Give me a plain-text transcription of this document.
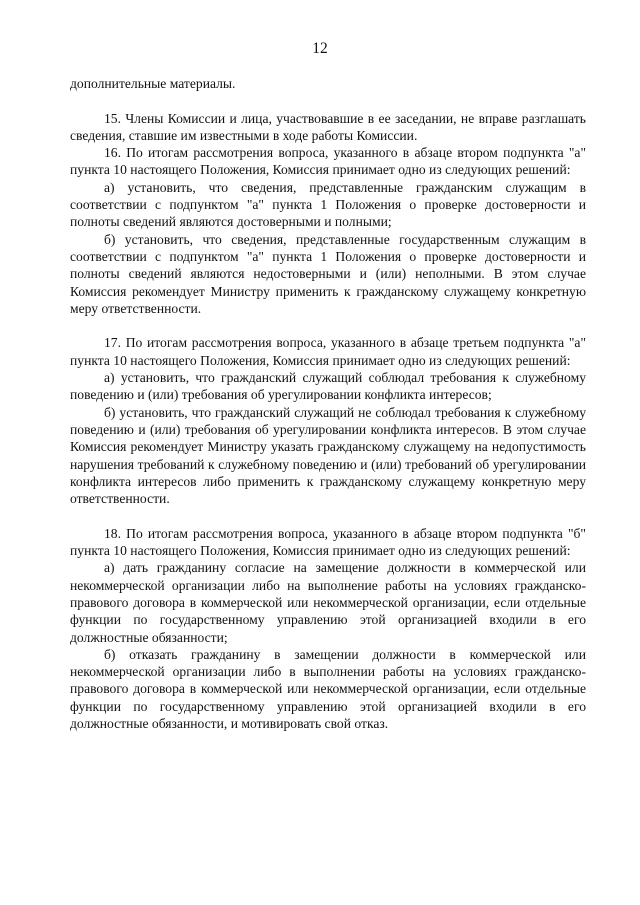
12

дополнительные материалы.

15. Члены Комиссии и лица, участвовавшие в ее заседании, не вправе разглашать сведения, ставшие им известными в ходе работы Комиссии.

16. По итогам рассмотрения вопроса, указанного в абзаце втором подпункта "а" пункта 10 настоящего Положения, Комиссия принимает одно из следующих решений:

а) установить, что сведения, представленные гражданским служащим в соответствии с подпунктом "а" пункта 1 Положения о проверке достоверности и полноты сведений являются достоверными и полными;

б) установить, что сведения, представленные государственным служащим в соответствии с подпунктом "а" пункта 1 Положения о проверке достоверности и полноты сведений являются недостоверными и (или) неполными. В этом случае Комиссия рекомендует Министру применить к гражданскому служащему конкретную меру ответственности.

17. По итогам рассмотрения вопроса, указанного в абзаце третьем подпункта "а" пункта 10 настоящего Положения, Комиссия принимает одно из следующих решений:

а) установить, что гражданский служащий соблюдал требования к служебному поведению и (или) требования об урегулировании конфликта интересов;

б) установить, что гражданский служащий не соблюдал требования к служебному поведению и (или) требования об урегулировании конфликта интересов. В этом случае Комиссия рекомендует Министру указать гражданскому служащему на недопустимость нарушения требований к служебному поведению и (или) требований об урегулировании конфликта интересов либо применить к гражданскому служащему конкретную меру ответственности.

18. По итогам рассмотрения вопроса, указанного в абзаце втором подпункта "б" пункта 10 настоящего Положения, Комиссия принимает одно из следующих решений:

а) дать гражданину согласие на замещение должности в коммерческой или некоммерческой организации либо на выполнение работы на условиях гражданско-правового договора в коммерческой или некоммерческой организации, если отдельные функции по государственному управлению этой организацией входили в его должностные обязанности;

б) отказать гражданину в замещении должности в коммерческой или некоммерческой организации либо в выполнении работы на условиях гражданско-правового договора в коммерческой или некоммерческой организации, если отдельные функции по государственному управлению этой организацией входили в его должностные обязанности, и мотивировать свой отказ.
